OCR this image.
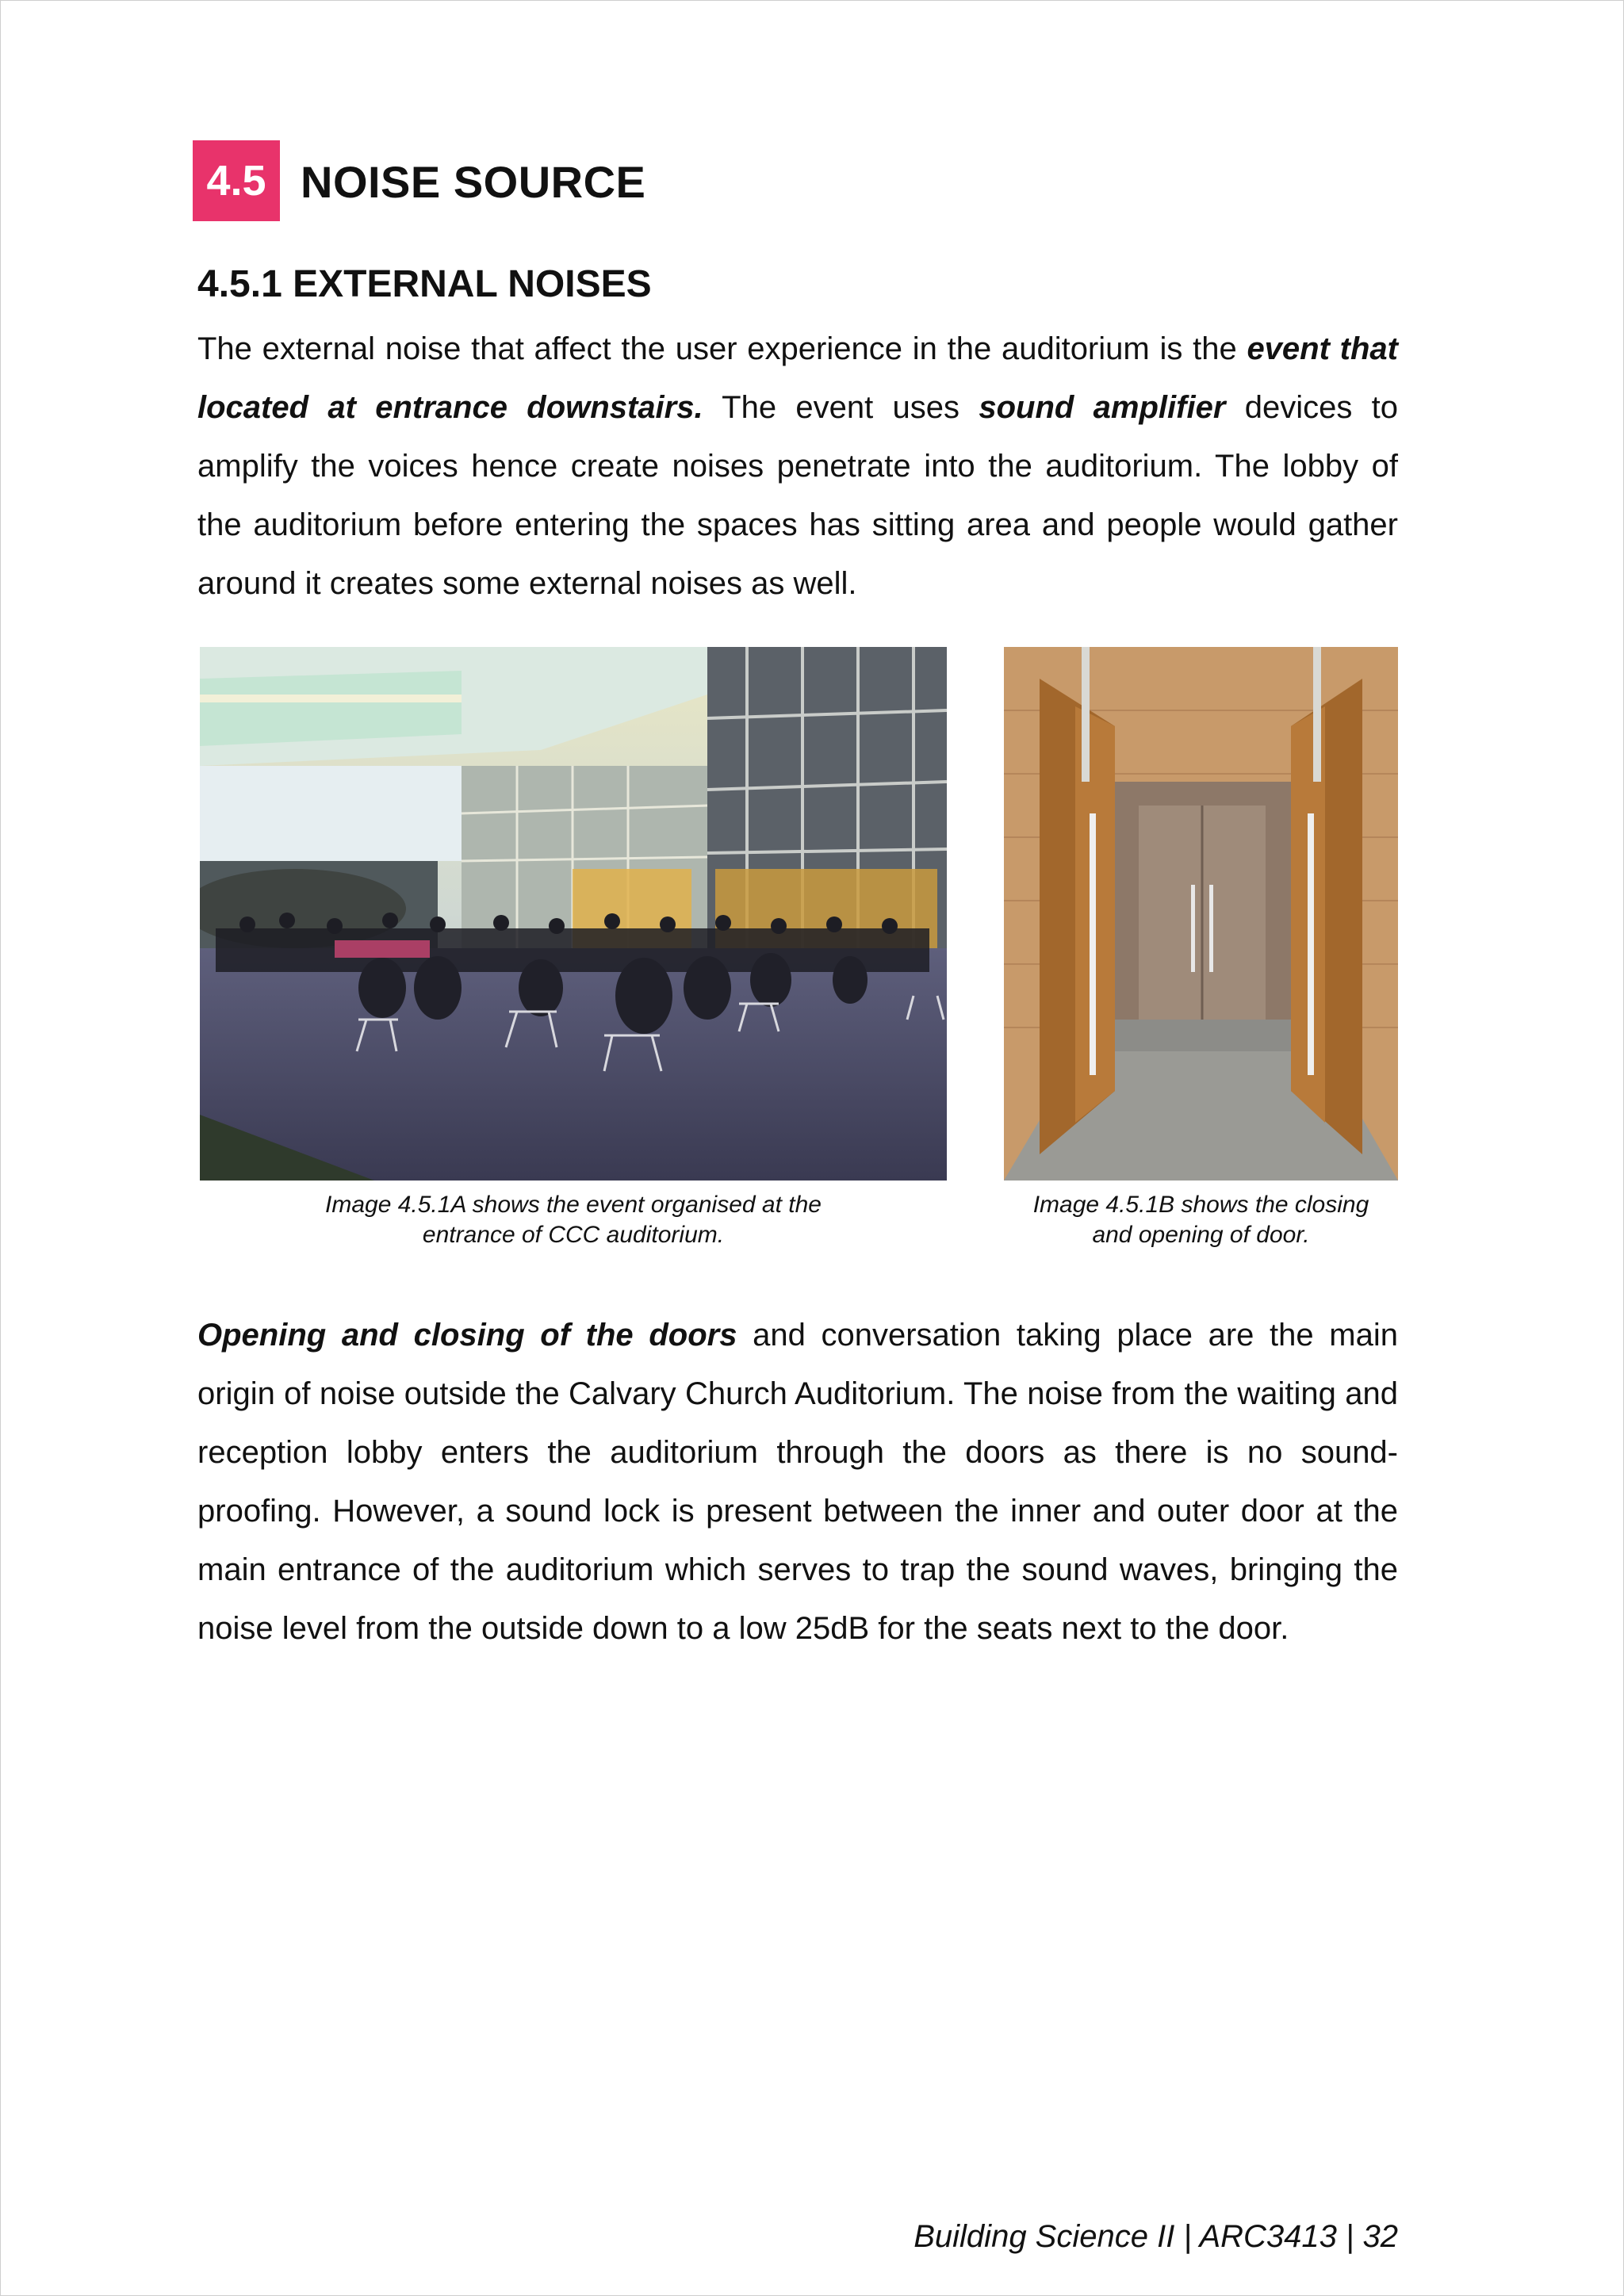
4.5 NOISE SOURCE
4.5.1 EXTERNAL NOISES
The external noise that affect the user experience in the auditorium is the event that located at entrance downstairs. The event uses sound amplifier devices to amplify the voices hence create noises penetrate into the auditorium. The lobby of the auditorium before entering the spaces has sitting area and people would gather around it creates some external noises as well.
Image 4.5.1A shows the event organised at the
entrance of CCC auditorium.
Image 4.5.1B shows the closing
and opening of door.
Opening and closing of the doors and conversation taking place are the main origin of noise outside the Calvary Church Auditorium. The noise from the waiting and reception lobby enters the auditorium through the doors as there is no sound-proofing. However, a sound lock is present between the inner and outer door at the main entrance of the auditorium which serves to trap the sound waves, bringing the noise level from the outside down to a low 25dB for the seats next to the door.
Building Science II | ARC3413 | 32
